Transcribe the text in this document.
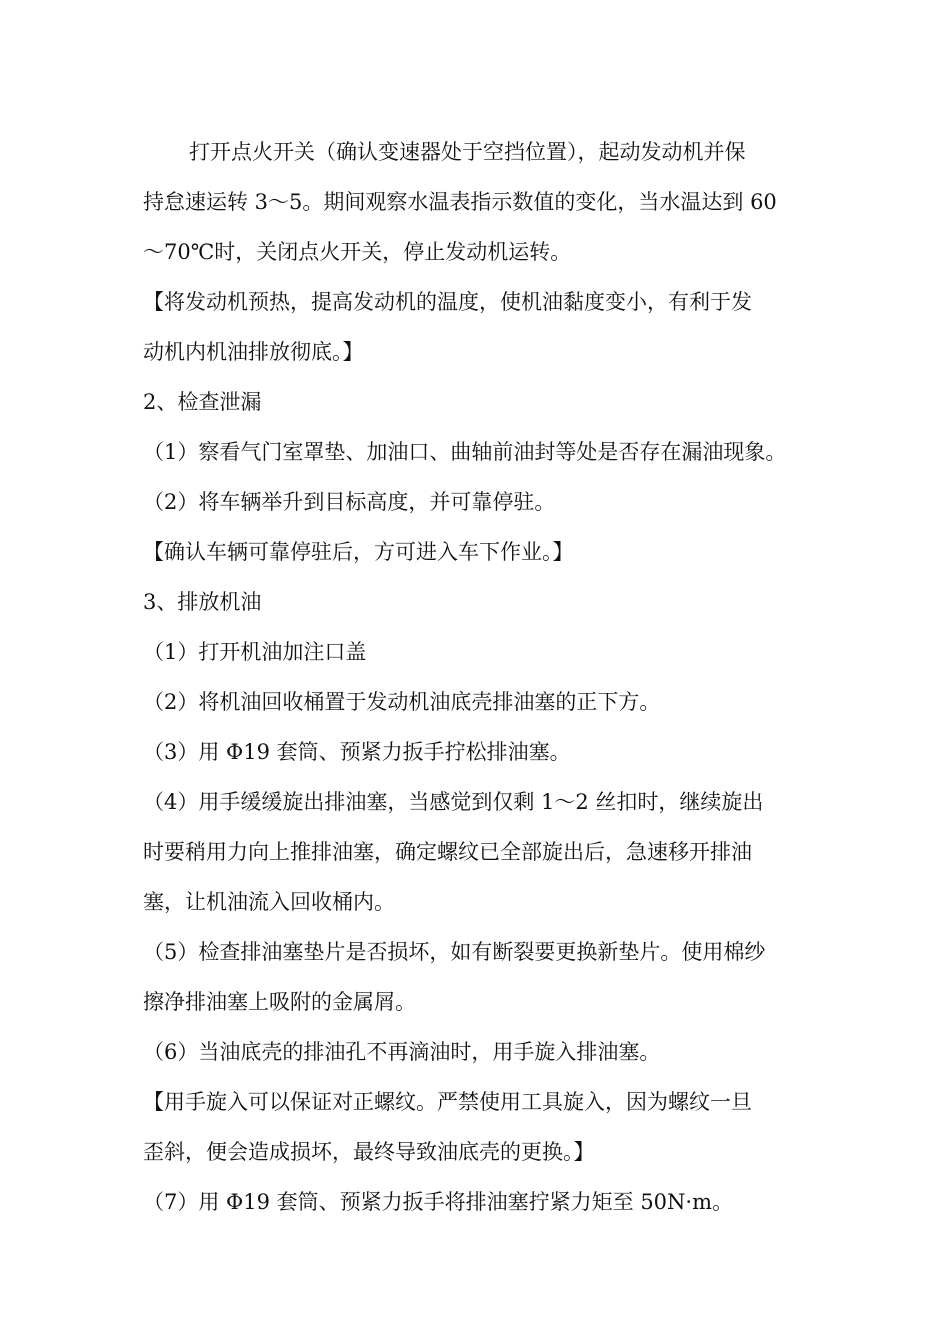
打开点火开关（确认变速器处于空挡位置），起动发动机并保
持怠速运转 3～5。期间观察水温表指示数值的变化，当水温达到 60
～70℃时，关闭点火开关，停止发动机运转。
【将发动机预热，提高发动机的温度，使机油黏度变小，有利于发
动机内机油排放彻底。】
2、检查泄漏
（1）察看气门室罩垫、加油口、曲轴前油封等处是否存在漏油现象。
（2）将车辆举升到目标高度，并可靠停驻。
【确认车辆可靠停驻后，方可进入车下作业。】
3、排放机油
（1）打开机油加注口盖
（2）将机油回收桶置于发动机油底壳排油塞的正下方。
（3）用 Φ19 套筒、预紧力扳手拧松排油塞。
（4）用手缓缓旋出排油塞，当感觉到仅剩 1～2 丝扣时，继续旋出
时要稍用力向上推排油塞，确定螺纹已全部旋出后，急速移开排油
塞，让机油流入回收桶内。
（5）检查排油塞垫片是否损坏，如有断裂要更换新垫片。使用棉纱
擦净排油塞上吸附的金属屑。
（6）当油底壳的排油孔不再滴油时，用手旋入排油塞。
【用手旋入可以保证对正螺纹。严禁使用工具旋入，因为螺纹一旦
歪斜，便会造成损坏，最终导致油底壳的更换。】
（7）用 Φ19 套筒、预紧力扳手将排油塞拧紧力矩至 50N·m。
